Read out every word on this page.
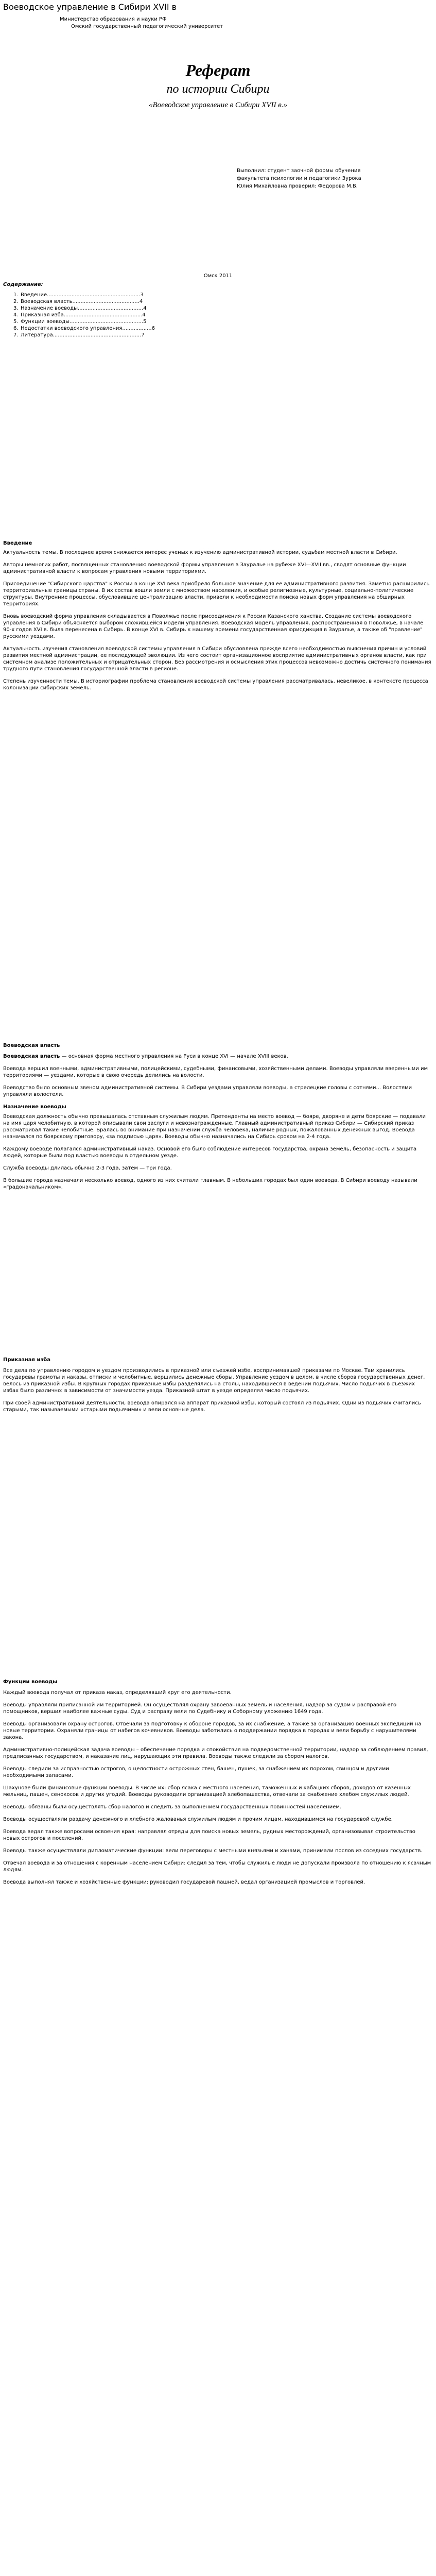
Воеводское управление в Сибири XVII в
Министерство образования и науки РФ
Омский государственный педагогический университет

Реферат

по истории Сибири

«Воеводское управление в Сибири XVII в.»

Выполнил: студент заочной формы обучения
факультета психологии и педагогики 3урока
Юлия Михайловна проверил: Федорова М.В.
Омск 2011
Содержание:
1. Введение.........................................................3
2. Воеводская власть.........................................4
3. Назначение воеводы........................................4
4. Приказная изба................................................4
5. Функции воеводы.............................................5
6. Недостатки воеводского управления..................6
7. Литература......................................................7
Введение

Актуальность темы. В последнее время снижается интерес ученых к изучению административной истории, судьбам местной власти в Сибири.

Авторы немногих работ, посвященных становлению воеводской формы управления в Зауралье на рубеже XVI—XVII вв., сводят основные функции административной власти к вопросам управления новыми территориями.

Присоединение "Сибирского царства" к России в конце XVI века приобрело большое значение для ее административного развития. Заметно расширились территориальные границы страны. В их состав вошли земли с множеством населения, и особые религиозные, культурные, социально-политические структуры. Внутренние процессы, обусловившие централизацию власти, привели к необходимости поиска новых форм управления на обширных территориях.

Вновь воеводский форма управления складывается в Поволжье после присоединения к России Казанского ханства. Создание системы воеводского управления в Сибири объясняется выбором сложившейся модели управления. Воеводская модель управления, распространенная в Поволжье, в начале 90-х годов XVI в. была перенесена в Сибирь. В конце XVI в. Сибирь к нашему времени государственная юрисдикция в Зауралье, а также об "правление" русскими уездами.

Актуальность изучения становления воеводской системы управления в Сибири обусловлена прежде всего необходимостью выяснения причин и условий развития местной администрации, ее последующей эволюции. Из чего состоит организационное восприятие административных органов власти, как при системном анализе положительных и отрицательных сторон. Без рассмотрения и осмысления этих процессов невозможно достичь системного понимания трудного пути становления государственной власти в регионе.

Степень изученности темы. В историографии проблема становления воеводской системы управления рассматривалась, невеликое, в контексте процесса колонизации сибирских земель.

Воеводская власть

Воеводская власть — основная форма местного управления на Руси в конце XVI — начале XVIII веков.

Воевода вершил военными, административными, полицейскими, судебными, финансовыми, хозяйственными делами. Воеводы управляли вверенными им территориями — уездами, которые в свою очередь делились на волости.

Воеводство было основным звеном административной системы. В Сибири уездами управляли воеводы, а стрелецкие головы с сотнями... Волостями управляли волостели.

Назначение воеводы

Воеводская должность обычно превышалась отставным служилым людям. Претенденты на место воевод — бояре, дворяне и дети боярские — подавали на имя царя челобитную, в которой описывали свои заслуги и невознагражденные. Главный административный приказ Сибири — Сибирский приказ рассматривал такие челобитные. Бралась во внимание при назначении служба человека, наличие родных, пожалованных денежных выгод. Воевода назначался по боярскому приговору, «за подписью царя». Воеводы обычно назначались на Сибирь сроком на 2-4 года.

Каждому воеводе полагался административный наказ. Основой его было соблюдение интересов государства, охрана земель, безопасность и защита людей, которые были под властью воеводы в отдельном уезде.

Служба воеводы длилась обычно 2-3 года, затем — три года.

В большие города назначали несколько воевод, одного из них считали главным. В небольших городах был один воевода. В Сибири воеводу называли «градоначальником».

Приказная изба

Все дела по управлению городом и уездом производились в приказной или съезжей избе, воспринимавшей приказами по Москве. Там хранились государевы грамоты и наказы, отписки и челобитные, вершились денежные сборы. Управление уездом в целом, в числе сборов государственных денег, велось из приказной избы. В крупных городах приказные избы разделялись на столы, находившиеся в ведении подьячих. Число подьячих в съезжих избах было различно: в зависимости от значимости уезда. Приказной штат в уезде определял число подьячих.

При своей административной деятельности, воевода опирался на аппарат приказной избы, который состоял из подьячих. Одни из подьячих считались старыми, так называемыми «старыми подьячими» и вели основные дела.

Функции воеводы

Каждый воевода получал от приказа наказ, определявший круг его деятельности.

Воеводы управляли приписанной им территорией. Он осуществлял охрану завоеванных земель и населения, надзор за судом и расправой его помощников, вершил наиболее важные суды. Суд и расправу вели по Судебнику и Соборному уложению 1649 года.

Воеводы организовали охрану острогов. Отвечали за подготовку к обороне городов, за их снабжение, а также за организацию военных экспедиций на новые территории. Охраняли границы от набегов кочевников. Воеводы заботились о поддержании порядка в городах и вели борьбу с нарушителями закона.

Административно-полицейская задача воеводы – обеспечение порядка и спокойствия на подведомственной территории, надзор за соблюдением правил, предписанных государством, и наказание лиц, нарушающих эти правила. Воеводы также следили за сбором налогов.

Воеводы следили за исправностью острогов, о целостности острожных стен, башен, пушек, за снабжением их порохом, свинцом и другими необходимыми запасами.

Шахунове были финансовые функции воеводы. В числе их: сбор ясака с местного населения, таможенных и кабацких сборов, доходов от казенных мельниц, пашен, сенокосов и других угодий. Воеводы руководили организацией хлебопашества, отвечали за снабжение хлебом служилых людей.

Воеводы обязаны были осуществлять сбор налогов и следить за выполнением государственных повинностей населением.

Воеводы осуществляли раздачу денежного и хлебного жалованья служилым людям и прочим лицам, находившимся на государевой службе.

Воевода ведал также вопросами освоения края: направлял отряды для поиска новых земель, рудных месторождений, организовывал строительство новых острогов и поселений.

Воеводы также осуществляли дипломатические функции: вели переговоры с местными князьями и ханами, принимали послов из соседних государств.

Отвечал воевода и за отношения с коренным населением Сибири: следил за тем, чтобы служилые люди не допускали произвола по отношению к ясачным людям.

Воевода выполнял также и хозяйственные функции: руководил государевой пашней, ведал организацией промыслов и торговлей.
